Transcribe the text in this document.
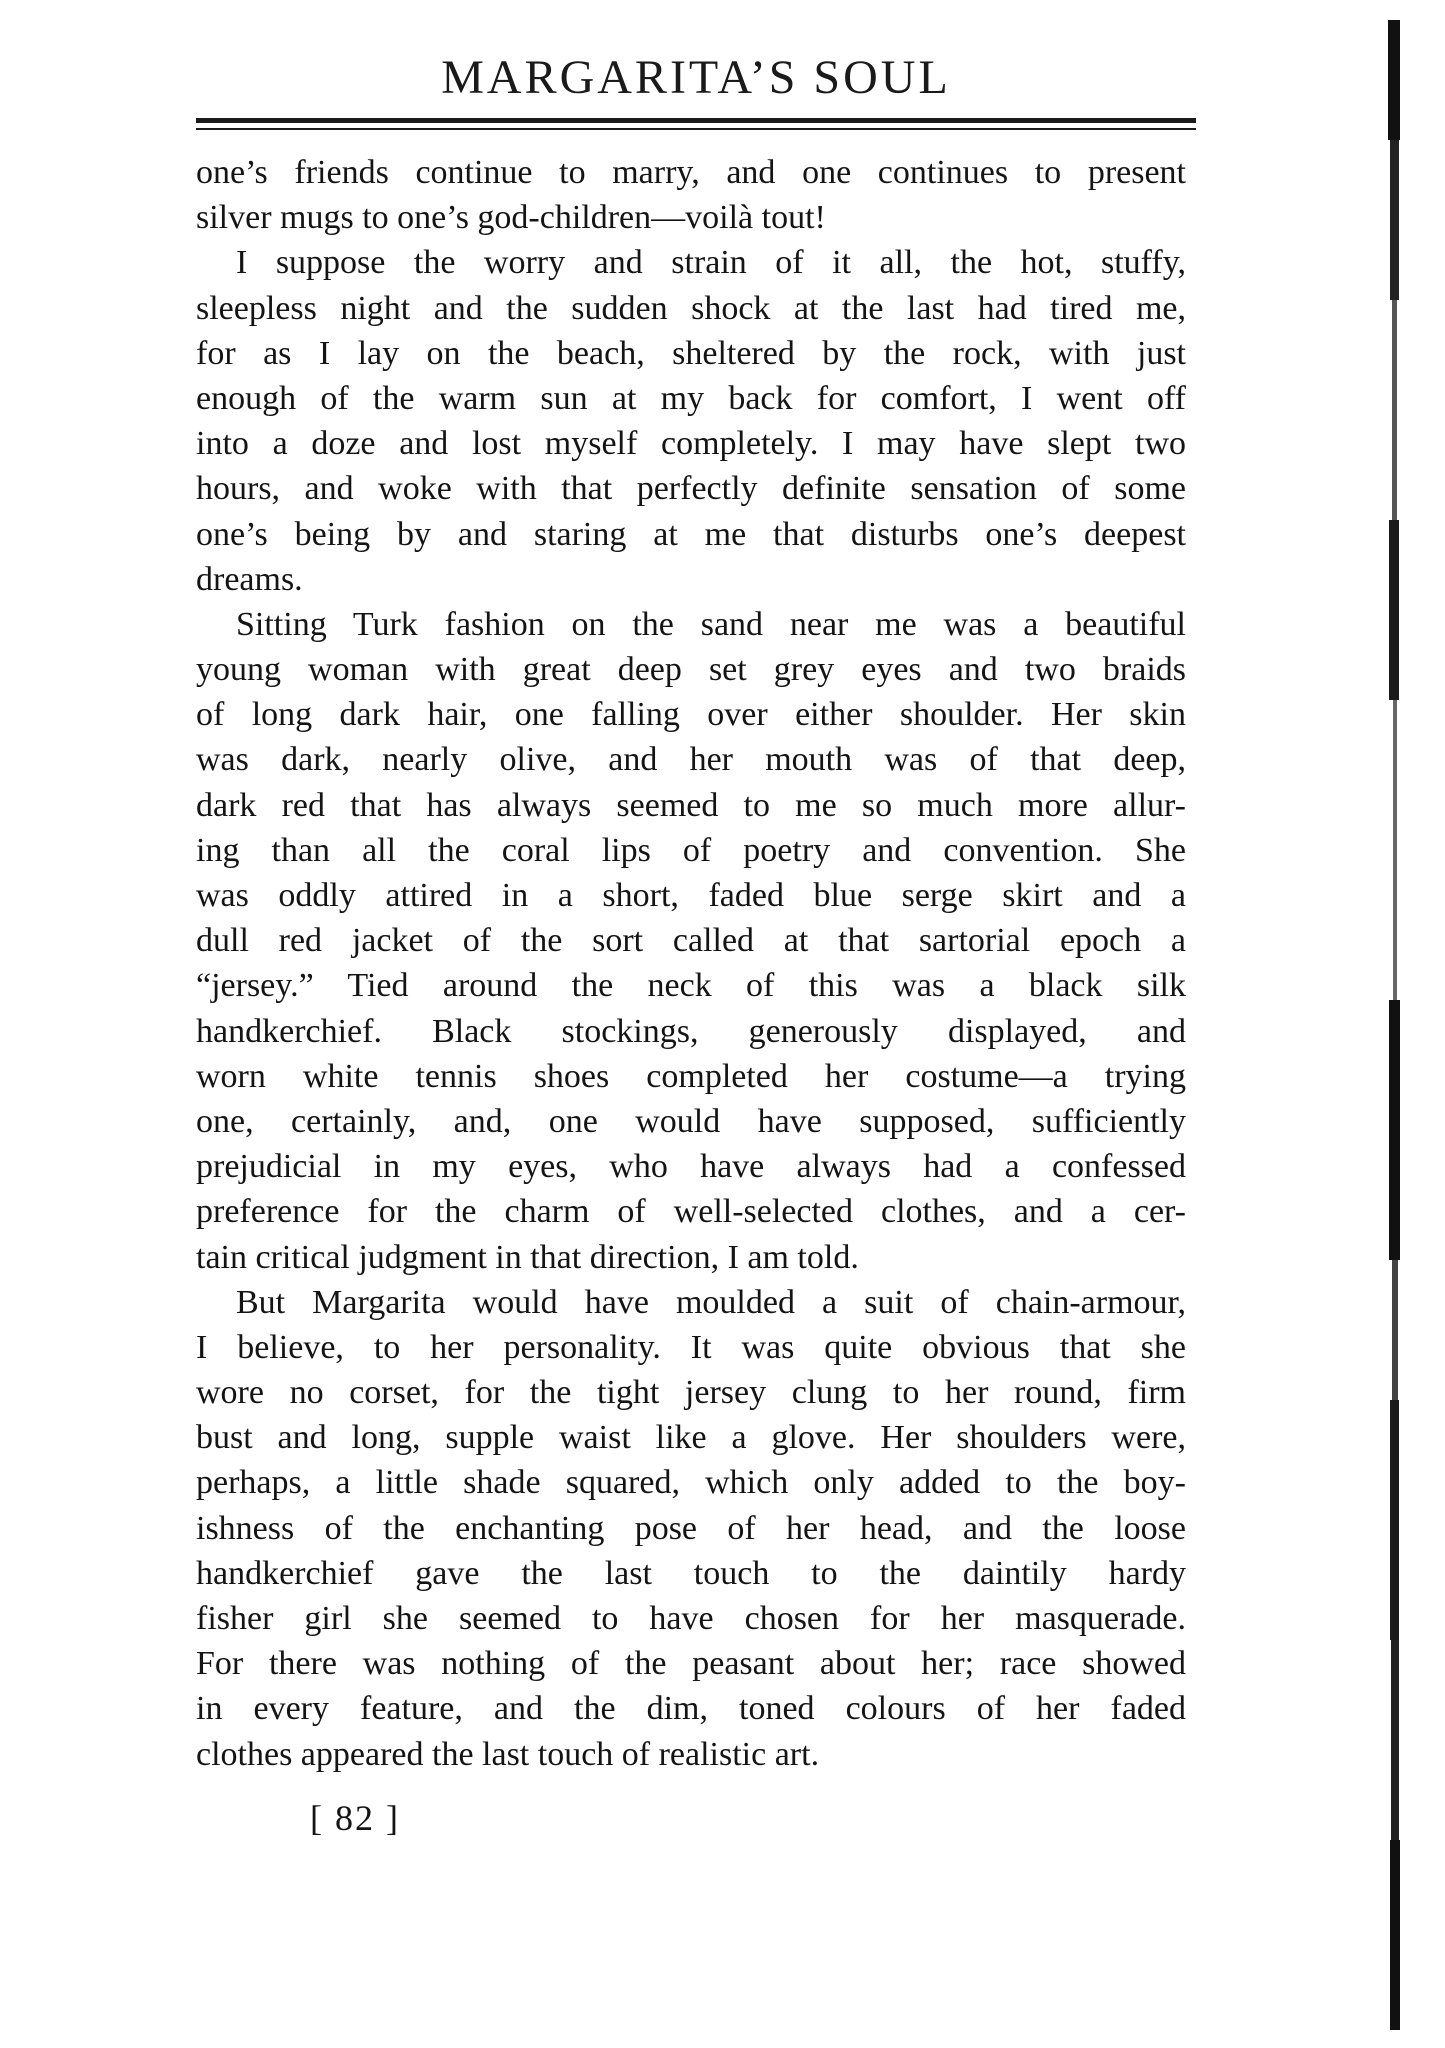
MARGARITA’S SOUL
one’s friends continue to marry, and one continues to present
silver mugs to one’s god-children—voilà tout!
I suppose the worry and strain of it all, the hot, stuffy,
sleepless night and the sudden shock at the last had tired me,
for as I lay on the beach, sheltered by the rock, with just
enough of the warm sun at my back for comfort, I went off
into a doze and lost myself completely. I may have slept two
hours, and woke with that perfectly definite sensation of some
one’s being by and staring at me that disturbs one’s deepest
dreams.
Sitting Turk fashion on the sand near me was a beautiful
young woman with great deep set grey eyes and two braids
of long dark hair, one falling over either shoulder. Her skin
was dark, nearly olive, and her mouth was of that deep,
dark red that has always seemed to me so much more allur-
ing than all the coral lips of poetry and convention. She
was oddly attired in a short, faded blue serge skirt and a
dull red jacket of the sort called at that sartorial epoch a
“jersey.” Tied around the neck of this was a black silk
handkerchief. Black stockings, generously displayed, and
worn white tennis shoes completed her costume—a trying
one, certainly, and, one would have supposed, sufficiently
prejudicial in my eyes, who have always had a confessed
preference for the charm of well-selected clothes, and a cer-
tain critical judgment in that direction, I am told.
But Margarita would have moulded a suit of chain-armour,
I believe, to her personality. It was quite obvious that she
wore no corset, for the tight jersey clung to her round, firm
bust and long, supple waist like a glove. Her shoulders were,
perhaps, a little shade squared, which only added to the boy-
ishness of the enchanting pose of her head, and the loose
handkerchief gave the last touch to the daintily hardy
fisher girl she seemed to have chosen for her masquerade.
For there was nothing of the peasant about her; race showed
in every feature, and the dim, toned colours of her faded
clothes appeared the last touch of realistic art.
[ 82 ]
